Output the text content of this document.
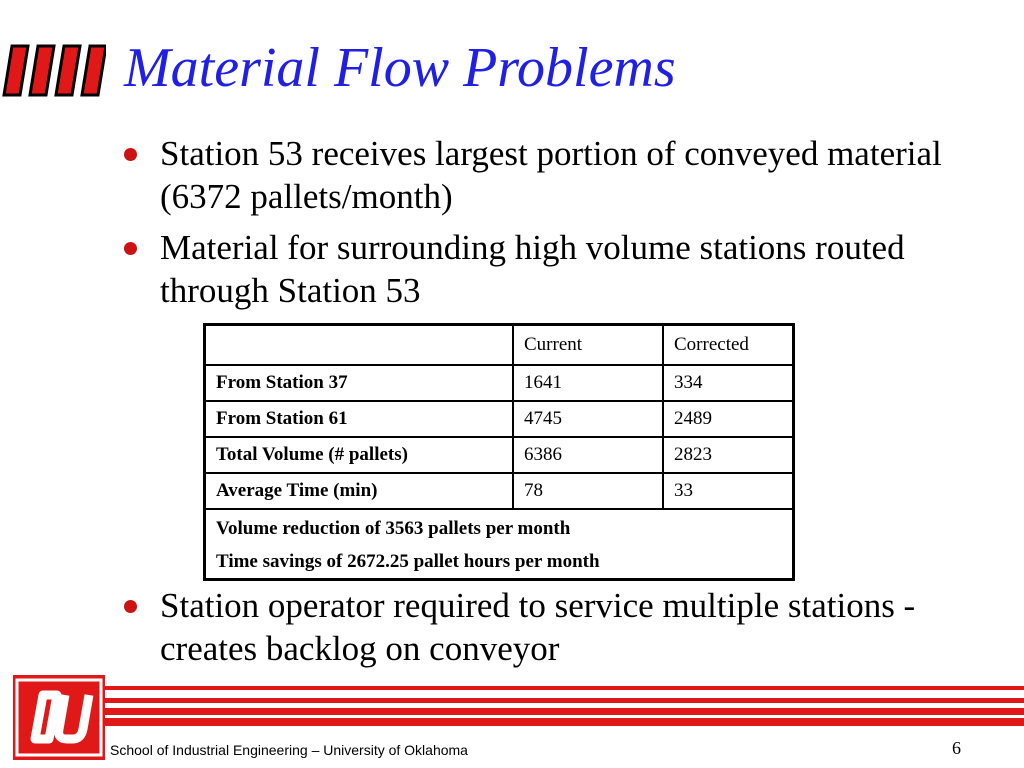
Material Flow Problems
Station 53 receives largest portion of conveyed material (6372 pallets/month)
Material for surrounding high volume stations routed through Station 53
	Current	Corrected
From Station 37	1641	334
From Station 61	4745	2489
Total Volume (# pallets)	6386	2823
Average Time (min)	78	33

Volume reduction of 3563 pallets per month
Time savings of 2672.25 pallet hours per month		
Station operator required to service multiple stations - creates backlog on conveyor
School of Industrial Engineering – University of Oklahoma	6
